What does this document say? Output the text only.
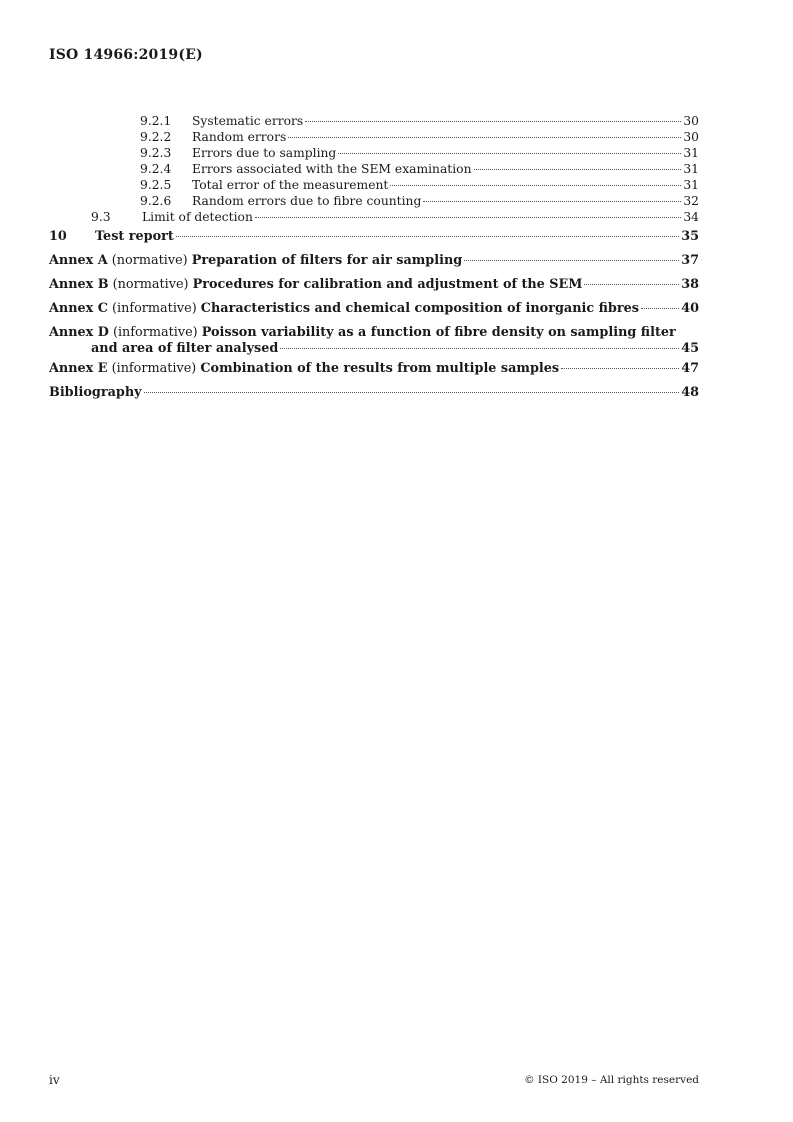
ISO 14966:2019(E)
9.2.1	Systematic errors	30
9.2.2	Random errors	30
9.2.3	Errors due to sampling	31
9.2.4	Errors associated with the SEM examination	31
9.2.5	Total error of the measurement	31
9.2.6	Random errors due to fibre counting	32
9.3	Limit of detection	34
10	Test report	35
Annex A (normative) Preparation of filters for air sampling	37
Annex B (normative) Procedures for calibration and adjustment of the SEM	38
Annex C (informative) Characteristics and chemical composition of inorganic fibres	40
Annex D (informative) Poisson variability as a function of fibre density on sampling filter
and area of filter analysed	45
Annex E (informative) Combination of the results from multiple samples	47
Bibliography	48
iv	© ISO 2019 – All rights reserved
